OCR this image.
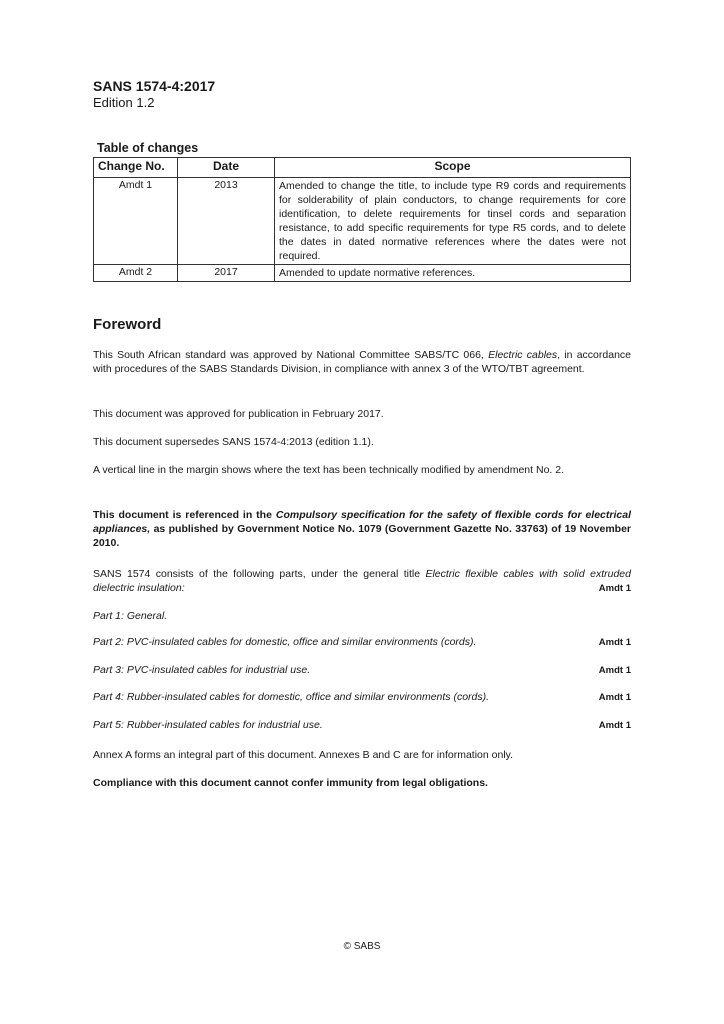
SANS 1574-4:2017
Edition 1.2
Table of changes
Change No.	Date	Scope
Amdt 1	2013	Amended to change the title, to include type R9 cords and requirements for solderability of plain conductors, to change requirements for core identification, to delete requirements for tinsel cords and separation resistance, to add specific requirements for type R5 cords, and to delete the dates in dated normative references where the dates were not required.
Amdt 2	2017	Amended to update normative references.
Foreword
This South African standard was approved by National Committee SABS/TC 066, Electric cables, in accordance with procedures of the SABS Standards Division, in compliance with annex 3 of the WTO/TBT agreement.
This document was approved for publication in February 2017.
This document supersedes SANS 1574-4:2013 (edition 1.1).
A vertical line in the margin shows where the text has been technically modified by amendment No. 2.
This document is referenced in the Compulsory specification for the safety of flexible cords for electrical appliances, as published by Government Notice No. 1079 (Government Gazette No. 33763) of 19 November 2010.
SANS 1574 consists of the following parts, under the general title Electric flexible cables with solid extruded dielectric insulation:	Amdt 1
Part 1: General.
Part 2: PVC-insulated cables for domestic, office and similar environments (cords).	Amdt 1
Part 3: PVC-insulated cables for industrial use.	Amdt 1
Part 4: Rubber-insulated cables for domestic, office and similar environments (cords).	Amdt 1
Part 5: Rubber-insulated cables for industrial use.	Amdt 1
Annex A forms an integral part of this document. Annexes B and C are for information only.
Compliance with this document cannot confer immunity from legal obligations.
© SABS
